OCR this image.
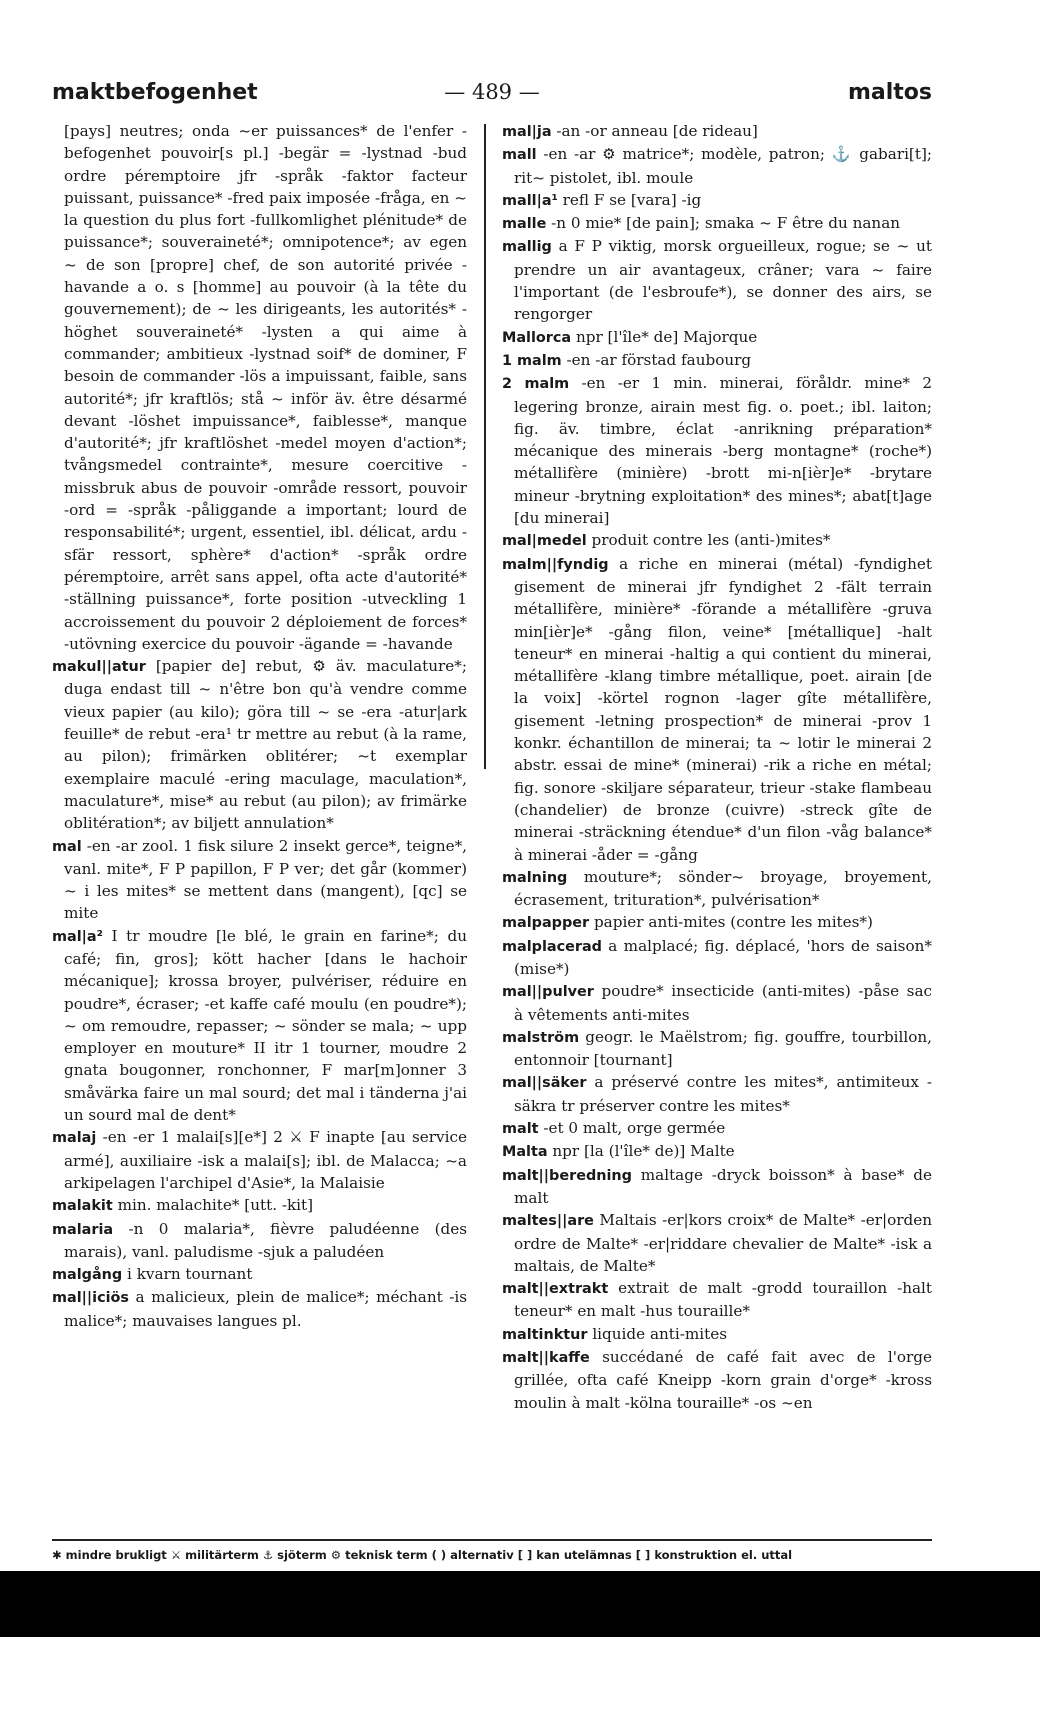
maktbefogenhet	— 489 —	maltos

[pays] neutres; onda ~er puissances* de l'enfer -befogenhet pouvoir[s pl.] -begär = -lystnad -bud ordre péremptoire jfr -språk -faktor facteur puissant, puissance* -fred paix imposée -fråga, en ~ la question du plus fort -fullkomlighet plénitude* de puissance*; souveraineté*; omnipotence*; av egen ~ de son [propre] chef, de son autorité privée -havande a o. s [homme] au pouvoir (à la tête du gouvernement); de ~ les dirigeants, les autorités* -höghet souveraineté* -lysten a qui aime à commander; ambitieux -lystnad soif* de dominer, F besoin de commander -lös a impuissant, faible, sans autorité*; jfr kraftlös; stå ~ inför äv. être désarmé devant -löshet impuissance*, faiblesse*, manque d'autorité*; jfr kraftlöshet -medel moyen d'action*; tvångsmedel contrainte*, mesure coercitive -missbruk abus de pouvoir -område ressort, pouvoir -ord = -språk -påliggande a important; lourd de responsabilité*; urgent, essentiel, ibl. délicat, ardu -sfär ressort, sphère* d'action* -språk ordre péremptoire, arrêt sans appel, ofta acte d'autorité* -ställning puissance*, forte position -utveckling 1 accroissement du pouvoir 2 déploiement de forces* -utövning exercice du pouvoir -ägande = -havande

makul||atur [papier de] rebut, ⚙ äv. maculature*; duga endast till ~ n'être bon qu'à vendre comme vieux papier (au kilo); göra till ~ se -era -atur|ark feuille* de rebut -era¹ tr mettre au rebut (à la rame, au pilon); frimärken oblitérer; ~t exemplar exemplaire maculé -ering maculage, maculation*, maculature*, mise* au rebut (au pilon); av frimärke oblitération*; av biljett annulation*

mal -en -ar zool. 1 fisk silure 2 insekt gerce*, teigne*, vanl. mite*, F P papillon, F P ver; det går (kommer) ~ i les mites* se mettent dans (mangent), [qc] se mite

mal|a² I tr moudre [le blé, le grain en farine*; du café; fin, gros]; kött hacher [dans le hachoir mécanique]; krossa broyer, pulvériser, réduire en poudre*, écraser; -et kaffe café moulu (en poudre*); ~ om remoudre, repasser; ~ sönder se mala; ~ upp employer en mouture* II itr 1 tourner, moudre 2 gnata bougonner, ronchonner, F mar[m]onner 3 småvärka faire un mal sourd; det mal i tänderna j'ai un sourd mal de dent*

malaj -en -er 1 malai[s][e*] 2 ⚔ F inapte [au service armé], auxiliaire -isk a malai[s]; ibl. de Malacca; ~a arkipelagen l'archipel d'Asie*, la Malaisie

malakit min. malachite* [utt. -kit]

malaria -n 0 malaria*, fièvre paludéenne (des marais), vanl. paludisme -sjuk a paludéen

malgång i kvarn tournant

mal||iciös a malicieux, plein de malice*; méchant -is malice*; mauvaises langues pl.

mal|ja -an -or anneau [de rideau]

mall -en -ar ⚙ matrice*; modèle, patron; ⚓ gabari[t]; rit~ pistolet, ibl. moule

mall|a¹ refl F se [vara] -ig

malle -n 0 mie* [de pain]; smaka ~ F être du nanan

mallig a F P viktig, morsk orgueilleux, rogue; se ~ ut prendre un air avantageux, crâner; vara ~ faire l'important (de l'esbroufe*), se donner des airs, se rengorger

Mallorca npr [l'île* de] Majorque

1 malm -en -ar förstad faubourg

2 malm -en -er 1 min. minerai, föråldr. mine* 2 legering bronze, airain mest fig. o. poet.; ibl. laiton; fig. äv. timbre, éclat -anrikning préparation* mécanique des minerais -berg montagne* (roche*) métallifère (minière) -brott mi-n[ièr]e* -brytare mineur -brytning exploitation* des mines*; abat[t]age [du minerai]

mal|medel produit contre les (anti-)mites*

malm||fyndig a riche en minerai (métal) -fyndighet gisement de minerai jfr fyndighet 2 -fält terrain métallifère, minière* -förande a métallifère -gruva min[ièr]e* -gång filon, veine* [métallique] -halt teneur* en minerai -haltig a qui contient du minerai, métallifère -klang timbre métallique, poet. airain [de la voix] -körtel rognon -lager gîte métallifère, gisement -letning prospection* de minerai -prov 1 konkr. échantillon de minerai; ta ~ lotir le minerai 2 abstr. essai de mine* (minerai) -rik a riche en métal; fig. sonore -skiljare séparateur, trieur -stake flambeau (chandelier) de bronze (cuivre) -streck gîte de minerai -sträckning étendue* d'un filon -våg balance* à minerai -åder = -gång

malning mouture*; sönder~ broyage, broyement, écrasement, trituration*, pulvérisation*

malpapper papier anti-mites (contre les mites*)

malplacerad a malplacé; fig. déplacé, 'hors de saison* (mise*)

mal||pulver poudre* insecticide (anti-mites) -påse sac à vêtements anti-mites

malström geogr. le Maëlstrom; fig. gouffre, tourbillon, entonnoir [tournant]

mal||säker a préservé contre les mites*, antimiteux -säkra tr préserver contre les mites*

malt -et 0 malt, orge germée

Malta npr [la (l'île* de)] Malte

malt||beredning maltage -dryck boisson* à base* de malt

maltes||are Maltais -er|kors croix* de Malte* -er|orden ordre de Malte* -er|riddare chevalier de Malte* -isk a maltais, de Malte*

malt||extrakt extrait de malt -grodd touraillon -halt teneur* en malt -hus touraille*

maltinktur liquide anti-mites

malt||kaffe succédané de café fait avec de l'orge grillée, ofta café Kneipp -korn grain d'orge* -kross moulin à malt -kölna touraille* -os ~en

✱ mindre brukligt ⚔ militärterm ⚓ sjöterm ⚙ teknisk term ( ) alternativ [ ] kan utelämnas [ ] konstruktion el. uttal
